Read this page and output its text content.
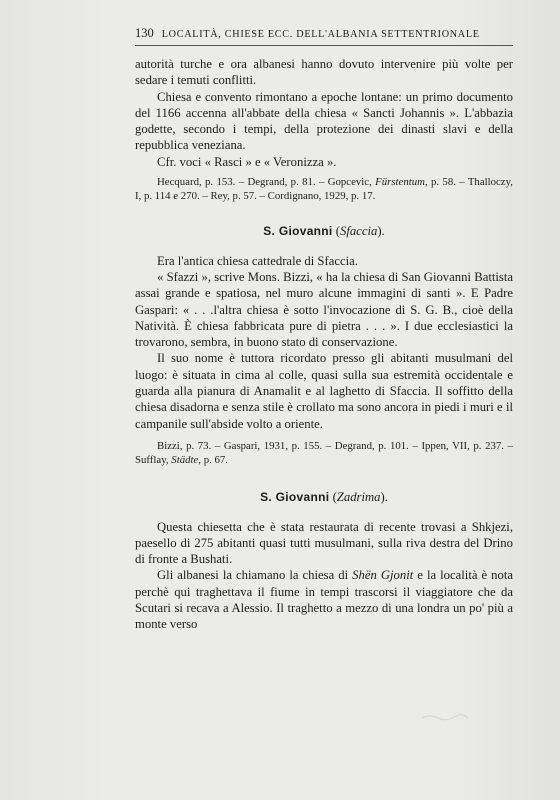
130 LOCALITÀ, CHIESE ECC. DELL'ALBANIA SETTENTRIONALE

autorità turche e ora albanesi hanno dovuto intervenire più volte per sedare i temuti conflitti.

Chiesa e convento rimontano a epoche lontane: un primo documento del 1166 accenna all'abbate della chiesa « Sancti Johannis ». L'abbazia godette, secondo i tempi, della protezione dei dinasti slavi e della repubblica veneziana.

Cfr. voci « Rasci » e « Veronizza ».

Hecquard, p. 153. – Degrand, p. 81. – Gopcevic, Fürstentum, p. 58. – Thalloczy, I, p. 114 e 270. – Rey, p. 57. – Cordignano, 1929, p. 17.
S. Giovanni (Sfaccia).

Era l'antica chiesa cattedrale di Sfaccia.

« Sfazzi », scrive Mons. Bizzi, « ha la chiesa di San Giovanni Battista assai grande e spatiosa, nel muro alcune immagini di santi ». E Padre Gaspari: « . . .l'altra chiesa è sotto l'invocazione di S. G. B., cioè della Natività. È chiesa fabbricata pure di pietra . . . ». I due ecclesiastici la trovarono, sembra, in buono stato di conservazione.

Il suo nome è tuttora ricordato presso gli abitanti musulmani del luogo: è situata in cima al colle, quasi sulla sua estremità occidentale e guarda alla pianura di Anamalit e al laghetto di Sfaccia. Il soffitto della chiesa disadorna e senza stile è crollato ma sono ancora in piedi i muri e il campanile sull'abside volto a oriente.

Bizzi, p. 73. – Gaspari, 1931, p. 155. – Degrand, p. 101. – Ippen, VII, p. 237. – Sufflay, Städte, p. 67.
S. Giovanni (Zadrima).

Questa chiesetta che è stata restaurata di recente trovasi a Shkjezi, paesello di 275 abitanti quasi tutti musulmani, sulla riva destra del Drino di fronte a Bushati.

Gli albanesi la chiamano la chiesa di Shën Gjonit e la località è nota perchè qui traghettava il fiume in tempi trascorsi il viaggiatore che da Scutari si recava a Alessio. Il traghetto a mezzo di una londra un po' più a monte verso
